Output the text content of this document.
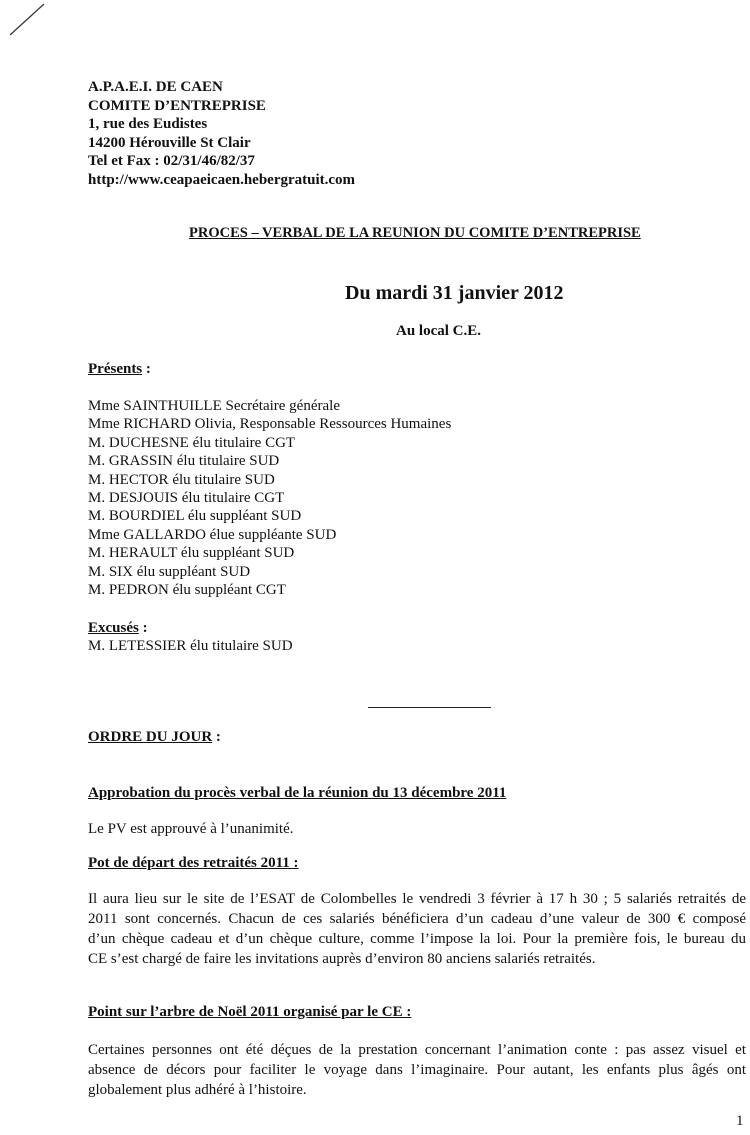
A.P.A.E.I. DE CAEN
COMITE D’ENTREPRISE
1, rue des Eudistes
14200 Hérouville St Clair
Tel et Fax : 02/31/46/82/37
http://www.ceapaeicaen.hebergratuit.com
PROCES – VERBAL DE LA REUNION DU COMITE D’ENTREPRISE
Du mardi 31 janvier 2012
Au local C.E.
Présents :
Mme SAINTHUILLE Secrétaire générale
Mme RICHARD Olivia, Responsable Ressources Humaines
M. DUCHESNE élu titulaire CGT
M. GRASSIN élu titulaire SUD
M. HECTOR élu titulaire SUD
M. DESJOUIS élu titulaire CGT
M. BOURDIEL élu suppléant SUD
Mme GALLARDO élue suppléante SUD
M. HERAULT élu suppléant SUD
M. SIX élu suppléant SUD
M. PEDRON élu suppléant CGT
Excusés :
M. LETESSIER élu titulaire SUD
ORDRE DU JOUR :
Approbation du procès verbal de la réunion du 13 décembre 2011
Le PV est approuvé à l’unanimité.
Pot de départ des retraités 2011 :
Il aura lieu sur le site de l’ESAT de Colombelles le vendredi 3 février à 17 h 30 ; 5 salariés retraités de
2011 sont concernés. Chacun de ces salariés bénéficiera d’un cadeau d’une valeur de 300 € composé
d’un chèque cadeau et d’un chèque culture, comme l’impose la loi. Pour la première fois, le bureau du
CE s’est chargé de faire les invitations auprès d’environ 80 anciens salariés retraités.
Point sur l’arbre de Noël 2011 organisé par le CE :
Certaines personnes ont été déçues de la prestation concernant l’animation conte : pas assez visuel et
absence de décors pour faciliter le voyage dans l’imaginaire. Pour autant, les enfants plus âgés ont
globalement plus adhéré à l’histoire.
1
